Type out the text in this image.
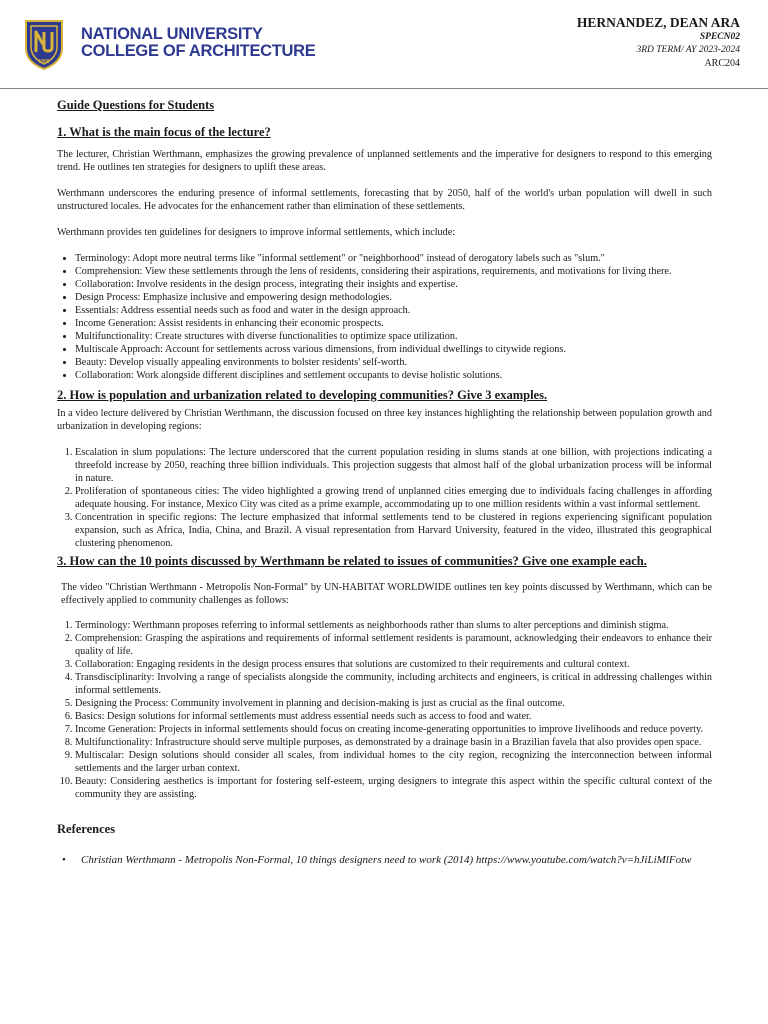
1900
NATIONAL UNIVERSITY
COLLEGE OF ARCHITECTURE
HERNANDEZ, DEAN ARA
SPECN02
3RD TERM/ AY 2023-2024
ARC204
Guide Questions for Students
1. What is the main focus of the lecture?

The lecturer, Christian Werthmann, emphasizes the growing prevalence of unplanned settlements and the imperative for designers to respond to this emerging trend. He outlines ten strategies for designers to uplift these areas.

Werthmann underscores the enduring presence of informal settlements, forecasting that by 2050, half of the world's urban population will dwell in such unstructured locales. He advocates for the enhancement rather than elimination of these settlements.

Werthmann provides ten guidelines for designers to improve informal settlements, which include:

• Terminology: Adopt more neutral terms like "informal settlement" or "neighborhood" instead of derogatory labels such as "slum."
• Comprehension: View these settlements through the lens of residents, considering their aspirations, requirements, and motivations for living there.
• Collaboration: Involve residents in the design process, integrating their insights and expertise.
• Design Process: Emphasize inclusive and empowering design methodologies.
• Essentials: Address essential needs such as food and water in the design approach.
• Income Generation: Assist residents in enhancing their economic prospects.
• Multifunctionality: Create structures with diverse functionalities to optimize space utilization.
• Multiscale Approach: Account for settlements across various dimensions, from individual dwellings to citywide regions.
• Beauty: Develop visually appealing environments to bolster residents' self-worth.
• Collaboration: Work alongside different disciplines and settlement occupants to devise holistic solutions.
2. How is population and urbanization related to developing communities? Give 3 examples.

In a video lecture delivered by Christian Werthmann, the discussion focused on three key instances highlighting the relationship between population growth and urbanization in developing regions:

1. Escalation in slum populations: The lecture underscored that the current population residing in slums stands at one billion, with projections indicating a threefold increase by 2050, reaching three billion individuals. This projection suggests that almost half of the global urbanization process will be informal in nature.
2. Proliferation of spontaneous cities: The video highlighted a growing trend of unplanned cities emerging due to individuals facing challenges in affording adequate housing. For instance, Mexico City was cited as a prime example, accommodating up to one million residents within a vast informal settlement.
3. Concentration in specific regions: The lecture emphasized that informal settlements tend to be clustered in regions experiencing significant population expansion, such as Africa, India, China, and Brazil. A visual representation from Harvard University, featured in the video, illustrated this geographical clustering phenomenon.
3. How can the 10 points discussed by Werthmann be related to issues of communities? Give one example each.

The video "Christian Werthmann - Metropolis Non-Formal" by UN-HABITAT WORLDWIDE outlines ten key points discussed by Werthmann, which can be effectively applied to community challenges as follows:

1. Terminology: Werthmann proposes referring to informal settlements as neighborhoods rather than slums to alter perceptions and diminish stigma.
2. Comprehension: Grasping the aspirations and requirements of informal settlement residents is paramount, acknowledging their endeavors to enhance their quality of life.
3. Collaboration: Engaging residents in the design process ensures that solutions are customized to their requirements and cultural context.
4. Transdisciplinarity: Involving a range of specialists alongside the community, including architects and engineers, is critical in addressing challenges within informal settlements.
5. Designing the Process: Community involvement in planning and decision-making is just as crucial as the final outcome.
6. Basics: Design solutions for informal settlements must address essential needs such as access to food and water.
7. Income Generation: Projects in informal settlements should focus on creating income-generating opportunities to improve livelihoods and reduce poverty.
8. Multifunctionality: Infrastructure should serve multiple purposes, as demonstrated by a drainage basin in a Brazilian favela that also provides open space.
9. Multiscalar: Design solutions should consider all scales, from individual homes to the city region, recognizing the interconnection between informal settlements and the larger urban context.
10. Beauty: Considering aesthetics is important for fostering self-esteem, urging designers to integrate this aspect within the specific cultural context of the community they are assisting.
References
• Christian Werthmann - Metropolis Non-Formal, 10 things designers need to work (2014) https://www.youtube.com/watch?v=hJiLiMlFotw
